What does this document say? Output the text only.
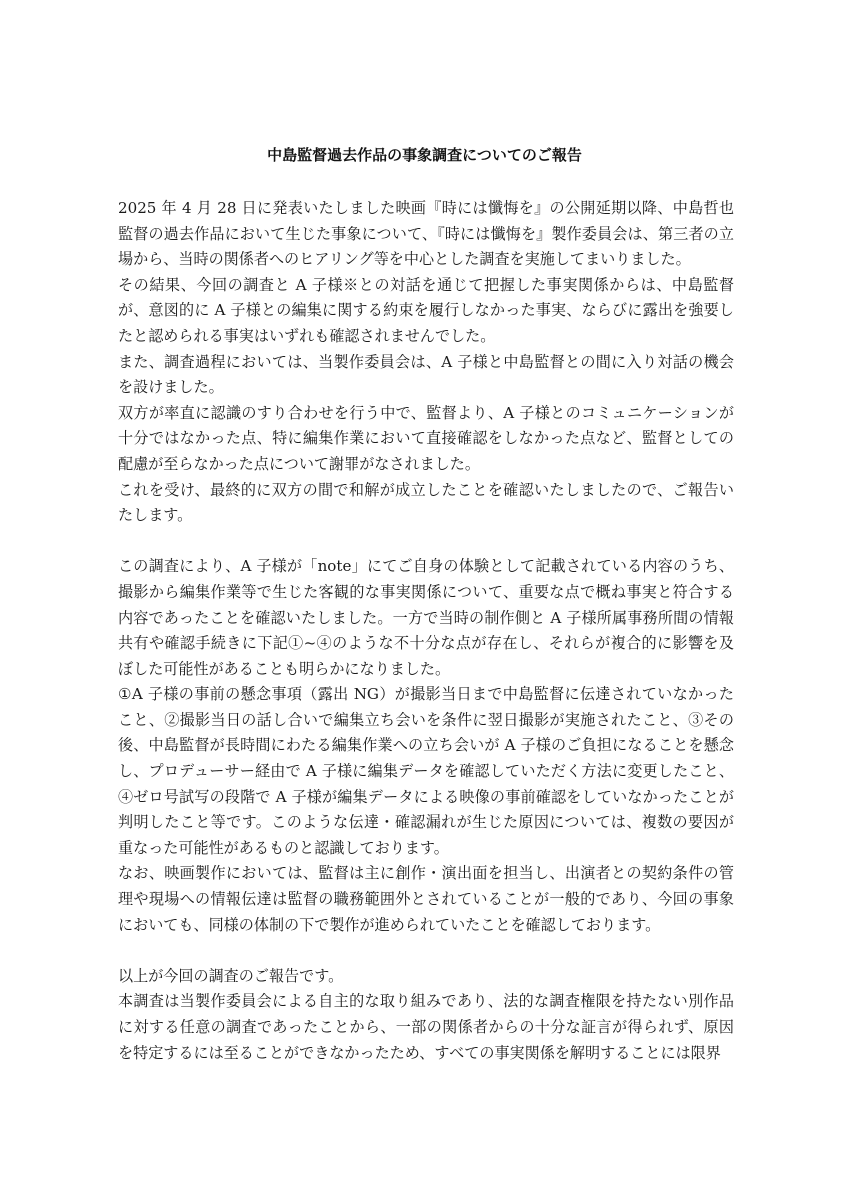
中島監督過去作品の事象調査についてのご報告

2025 年 4 月 28 日に発表いたしました映画『時には懺悔を』の公開延期以降、中島哲也監督の過去作品において生じた事象について、『時には懺悔を』製作委員会は、第三者の立場から、当時の関係者へのヒアリング等を中心とした調査を実施してまいりました。

その結果、今回の調査と A 子様※との対話を通じて把握した事実関係からは、中島監督が、意図的に A 子様との編集に関する約束を履行しなかった事実、ならびに露出を強要したと認められる事実はいずれも確認されませんでした。

また、調査過程においては、当製作委員会は、A 子様と中島監督との間に入り対話の機会を設けました。

双方が率直に認識のすり合わせを行う中で、監督より、A 子様とのコミュニケーションが十分ではなかった点、特に編集作業において直接確認をしなかった点など、監督としての配慮が至らなかった点について謝罪がなされました。

これを受け、最終的に双方の間で和解が成立したことを確認いたしましたので、ご報告いたします。

この調査により、A 子様が「note」にてご自身の体験として記載されている内容のうち、撮影から編集作業等で生じた客観的な事実関係について、重要な点で概ね事実と符合する内容であったことを確認いたしました。一方で当時の制作側と A 子様所属事務所間の情報共有や確認手続きに下記①~④のような不十分な点が存在し、それらが複合的に影響を及ぼした可能性があることも明らかになりました。

①A 子様の事前の懸念事項（露出 NG）が撮影当日まで中島監督に伝達されていなかったこと、②撮影当日の話し合いで編集立ち会いを条件に翌日撮影が実施されたこと、③その後、中島監督が長時間にわたる編集作業への立ち会いが A 子様のご負担になることを懸念し、プロデューサー経由で A 子様に編集データを確認していただく方法に変更したこと、④ゼロ号試写の段階で A 子様が編集データによる映像の事前確認をしていなかったことが判明したこと等です。このような伝達・確認漏れが生じた原因については、複数の要因が重なった可能性があるものと認識しております。

なお、映画製作においては、監督は主に創作・演出面を担当し、出演者との契約条件の管理や現場への情報伝達は監督の職務範囲外とされていることが一般的であり、今回の事象においても、同様の体制の下で製作が進められていたことを確認しております。

以上が今回の調査のご報告です。

本調査は当製作委員会による自主的な取り組みであり、法的な調査権限を持たない別作品に対する任意の調査であったことから、一部の関係者からの十分な証言が得られず、原因を特定するには至ることができなかったため、すべての事実関係を解明することには限界
